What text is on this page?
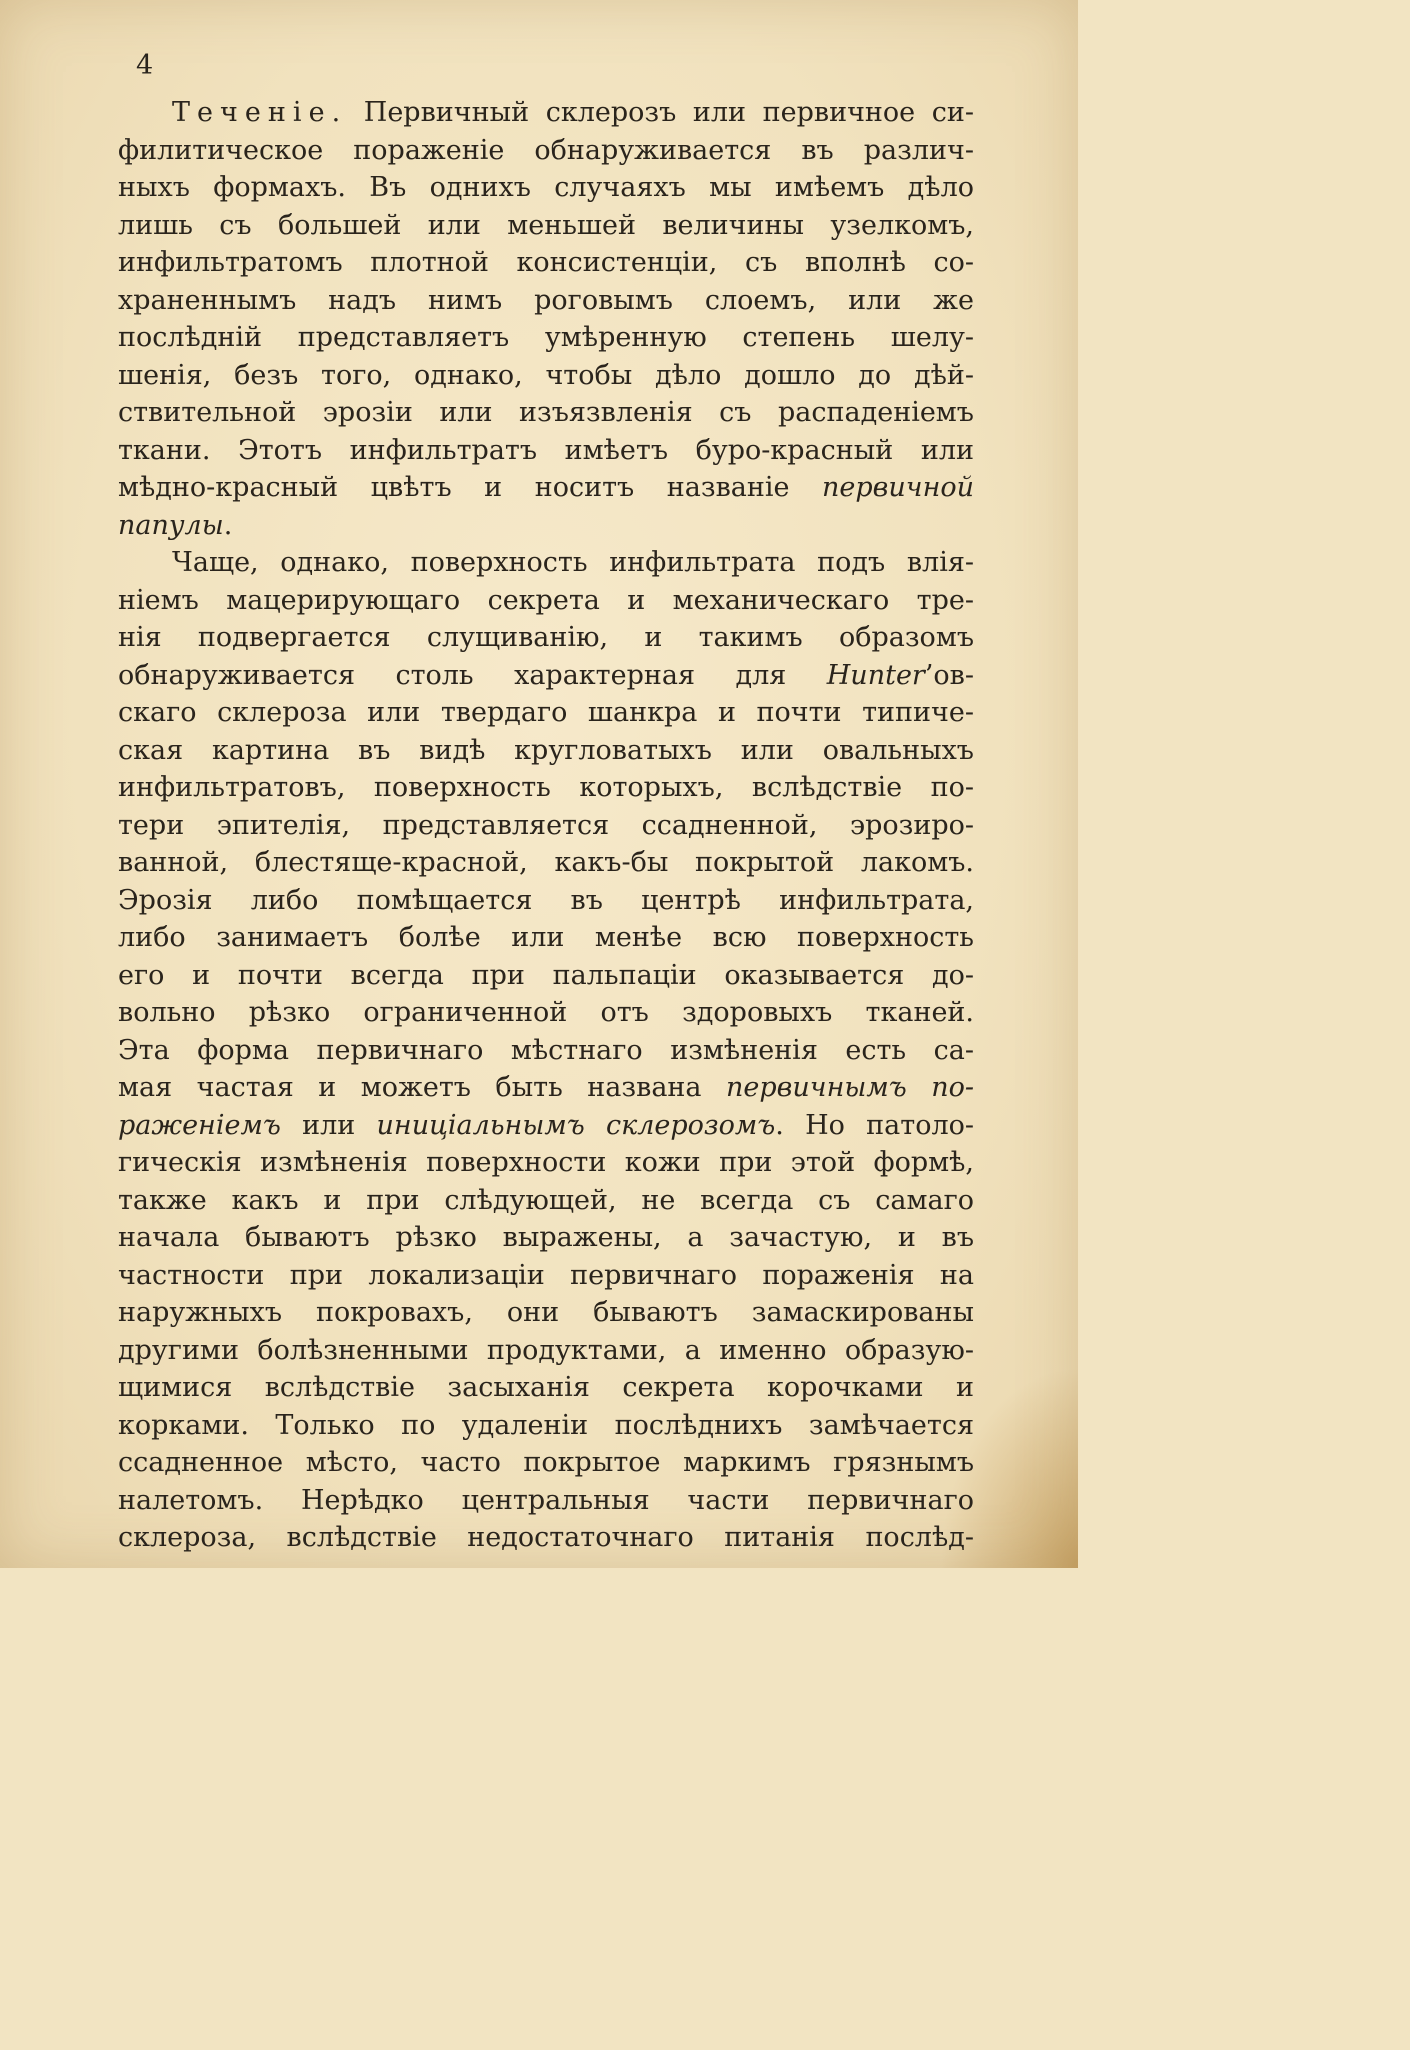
4
Теченіе. Первичный склерозъ или первичное си-
филитическое пораженіе обнаруживается въ различ-
ныхъ формахъ. Въ однихъ случаяхъ мы имѣемъ дѣло
лишь съ большей или меньшей величины узелкомъ,
инфильтратомъ плотной консистенціи, съ вполнѣ со-
храненнымъ надъ нимъ роговымъ слоемъ, или же
послѣдній представляетъ умѣренную степень шелу-
шенія, безъ того, однако, чтобы дѣло дошло до дѣй-
ствительной эрозіи или изъязвленія съ распаденіемъ
ткани. Этотъ инфильтратъ имѣетъ буро-красный или
мѣдно-красный цвѣтъ и носитъ названіе первичной
папулы.
Чаще, однако, поверхность инфильтрата подъ влія-
ніемъ мацерирующаго секрета и механическаго тре-
нія подвергается слущиванію, и такимъ образомъ
обнаруживается столь характерная для Hunter’ов-
скаго склероза или твердаго шанкра и почти типиче-
ская картина въ видѣ кругловатыхъ или овальныхъ
инфильтратовъ, поверхность которыхъ, вслѣдствіе по-
тери эпителія, представляется ссадненной, эрозиро-
ванной, блестяще-красной, какъ-бы покрытой лакомъ.
Эрозія либо помѣщается въ центрѣ инфильтрата,
либо занимаетъ болѣе или менѣе всю поверхность
его и почти всегда при пальпаціи оказывается до-
вольно рѣзко ограниченной отъ здоровыхъ тканей.
Эта форма первичнаго мѣстнаго измѣненія есть са-
мая частая и можетъ быть названа первичнымъ по-
раженіемъ или иниціальнымъ склерозомъ. Но патоло-
гическія измѣненія поверхности кожи при этой формѣ,
также какъ и при слѣдующей, не всегда съ самаго
начала бываютъ рѣзко выражены, а зачастую, и въ
частности при локализаціи первичнаго пораженія на
наружныхъ покровахъ, они бываютъ замаскированы
другими болѣзненными продуктами, а именно образую-
щимися вслѣдствіе засыханія секрета корочками и
корками. Только по удаленіи послѣднихъ замѣчается
ссадненное мѣсто, часто покрытое маркимъ грязнымъ
налетомъ. Нерѣдко центральныя части первичнаго
склероза, вслѣдствіе недостаточнаго питанія послѣд-
